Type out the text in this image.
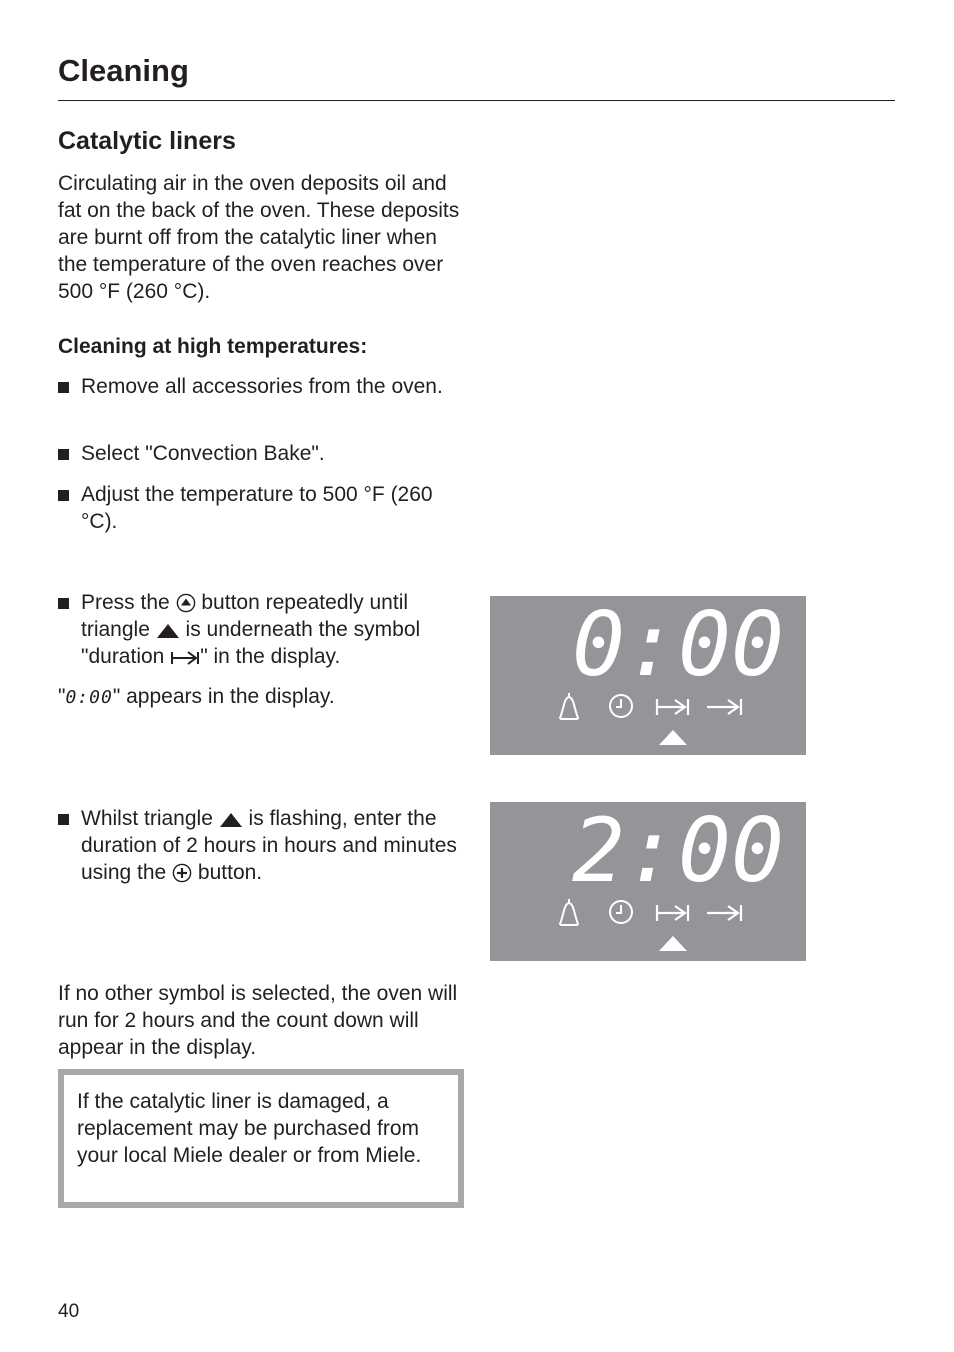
Cleaning
Catalytic liners

Circulating air in the oven deposits oil and fat on the back of the oven. These deposits are burnt off from the catalytic liner when the temperature of the oven reaches over 500 °F (260 °C).

Cleaning at high temperatures:

Remove all accessories from the oven.
Select "Convection Bake".
Adjust the temperature to 500 °F (260 °C).
Press the  button repeatedly until triangle  is underneath the symbol "duration " in the display.
"0:00" appears in the display.
0:00
Whilst triangle  is flashing, enter the duration of 2 hours in hours and minutes using the  button.	2:00

If no other symbol is selected, the oven will run for 2 hours and the count down will appear in the display.

If the catalytic liner is damaged, a replacement may be purchased from your local Miele dealer or from Miele.
40
